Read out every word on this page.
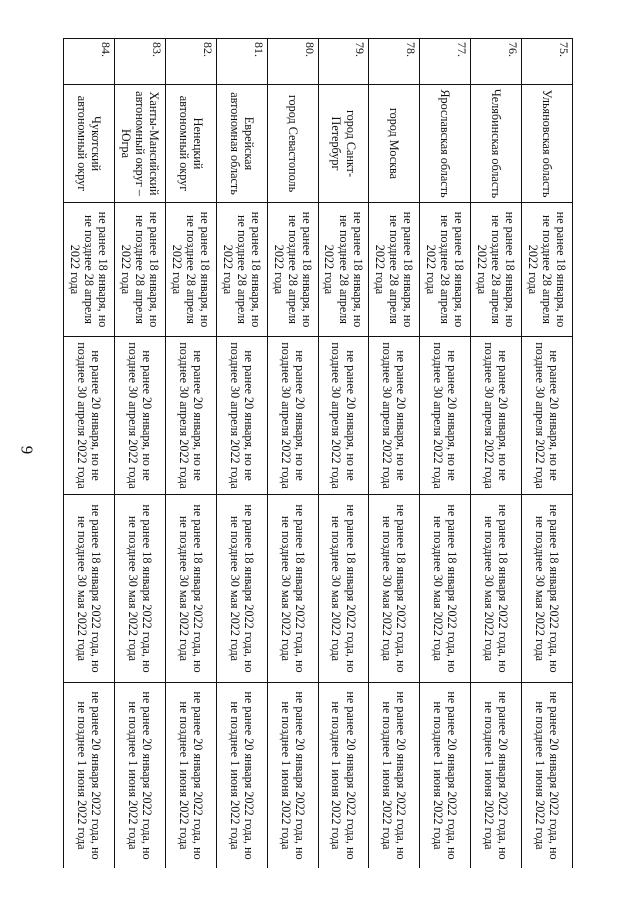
9
75.	Ульяновская область	не ранее 18 января, но не позднее 28 апреля 2022 года	не ранее 20 января, но не позднее 30 апреля 2022 года	не ранее 18 января 2022 года, но не позднее 30 мая 2022 года	не ранее 20 января 2022 года, но не позднее 1 июня 2022 года
76.	Челябинская область	не ранее 18 января, но не позднее 28 апреля 2022 года	не ранее 20 января, но не позднее 30 апреля 2022 года	не ранее 18 января 2022 года, но не позднее 30 мая 2022 года	не ранее 20 января 2022 года, но не позднее 1 июня 2022 года
77.	Ярославская область	не ранее 18 января, но не позднее 28 апреля 2022 года	не ранее 20 января, но не позднее 30 апреля 2022 года	не ранее 18 января 2022 года, но не позднее 30 мая 2022 года	не ранее 20 января 2022 года, но не позднее 1 июня 2022 года
78.	город Москва	не ранее 18 января, но не позднее 28 апреля 2022 года	не ранее 20 января, но не позднее 30 апреля 2022 года	не ранее 18 января 2022 года, но не позднее 30 мая 2022 года	не ранее 20 января 2022 года, но не позднее 1 июня 2022 года
79.	город Санкт-Петербург	не ранее 18 января, но не позднее 28 апреля 2022 года	не ранее 20 января, но не позднее 30 апреля 2022 года	не ранее 18 января 2022 года, но не позднее 30 мая 2022 года	не ранее 20 января 2022 года, но не позднее 1 июня 2022 года
80.	город Севастополь	не ранее 18 января, но не позднее 28 апреля 2022 года	не ранее 20 января, но не позднее 30 апреля 2022 года	не ранее 18 января 2022 года, но не позднее 30 мая 2022 года	не ранее 20 января 2022 года, но не позднее 1 июня 2022 года
81.	Еврейская автономная область	не ранее 18 января, но не позднее 28 апреля 2022 года	не ранее 20 января, но не позднее 30 апреля 2022 года	не ранее 18 января 2022 года, но не позднее 30 мая 2022 года	не ранее 20 января 2022 года, но не позднее 1 июня 2022 года
82.	Ненецкий автономный округ	не ранее 18 января, но не позднее 28 апреля 2022 года	не ранее 20 января, но не позднее 30 апреля 2022 года	не ранее 18 января 2022 года, но не позднее 30 мая 2022 года	не ранее 20 января 2022 года, но не позднее 1 июня 2022 года
83.	Ханты-Мансийский автономный округ – Югра	не ранее 18 января, но не позднее 28 апреля 2022 года	не ранее 20 января, но не позднее 30 апреля 2022 года	не ранее 18 января 2022 года, но не позднее 30 мая 2022 года	не ранее 20 января 2022 года, но не позднее 1 июня 2022 года
84.	Чукотский автономный округ	не ранее 18 января, но не позднее 28 апреля 2022 года	не ранее 20 января, но не позднее 30 апреля 2022 года	не ранее 18 января 2022 года, но не позднее 30 мая 2022 года	не ранее 20 января 2022 года, но не позднее 1 июня 2022 года
